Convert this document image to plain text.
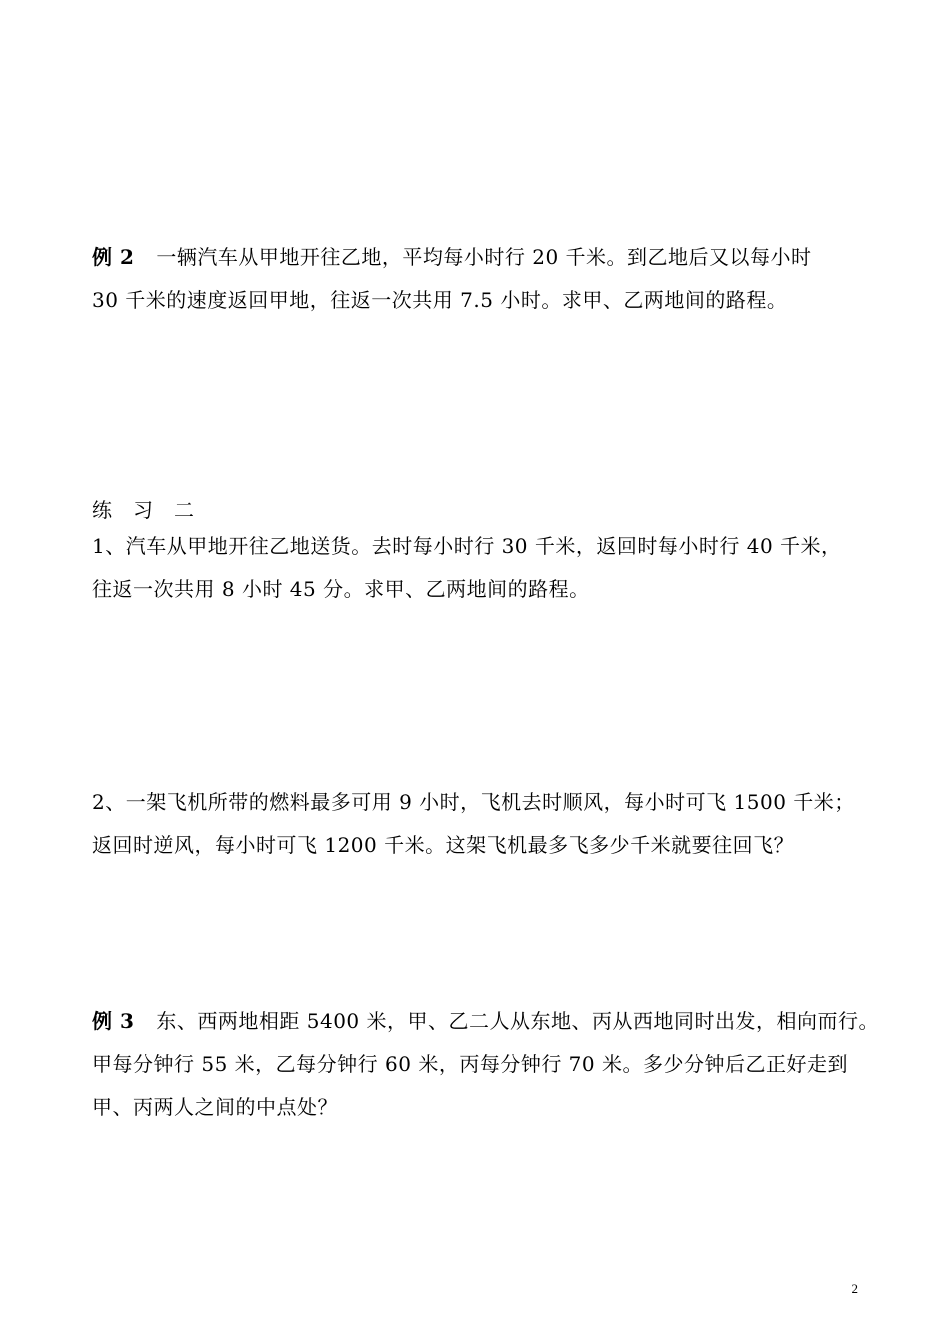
例 2 一辆汽车从甲地开往乙地，平均每小时行 20 千米。到乙地后又以每小时
30 千米的速度返回甲地，往返一次共用 7.5 小时。求甲、乙两地间的路程。
练　习　二
1、汽车从甲地开往乙地送货。去时每小时行 30 千米，返回时每小时行 40 千米，
往返一次共用 8 小时 45 分。求甲、乙两地间的路程。
2、一架飞机所带的燃料最多可用 9 小时，飞机去时顺风，每小时可飞 1500 千米；
返回时逆风，每小时可飞 1200 千米。这架飞机最多飞多少千米就要往回飞？
例 3 东、西两地相距 5400 米，甲、乙二人从东地、丙从西地同时出发，相向而行。
甲每分钟行 55 米，乙每分钟行 60 米，丙每分钟行 70 米。多少分钟后乙正好走到
甲、丙两人之间的中点处？
2
